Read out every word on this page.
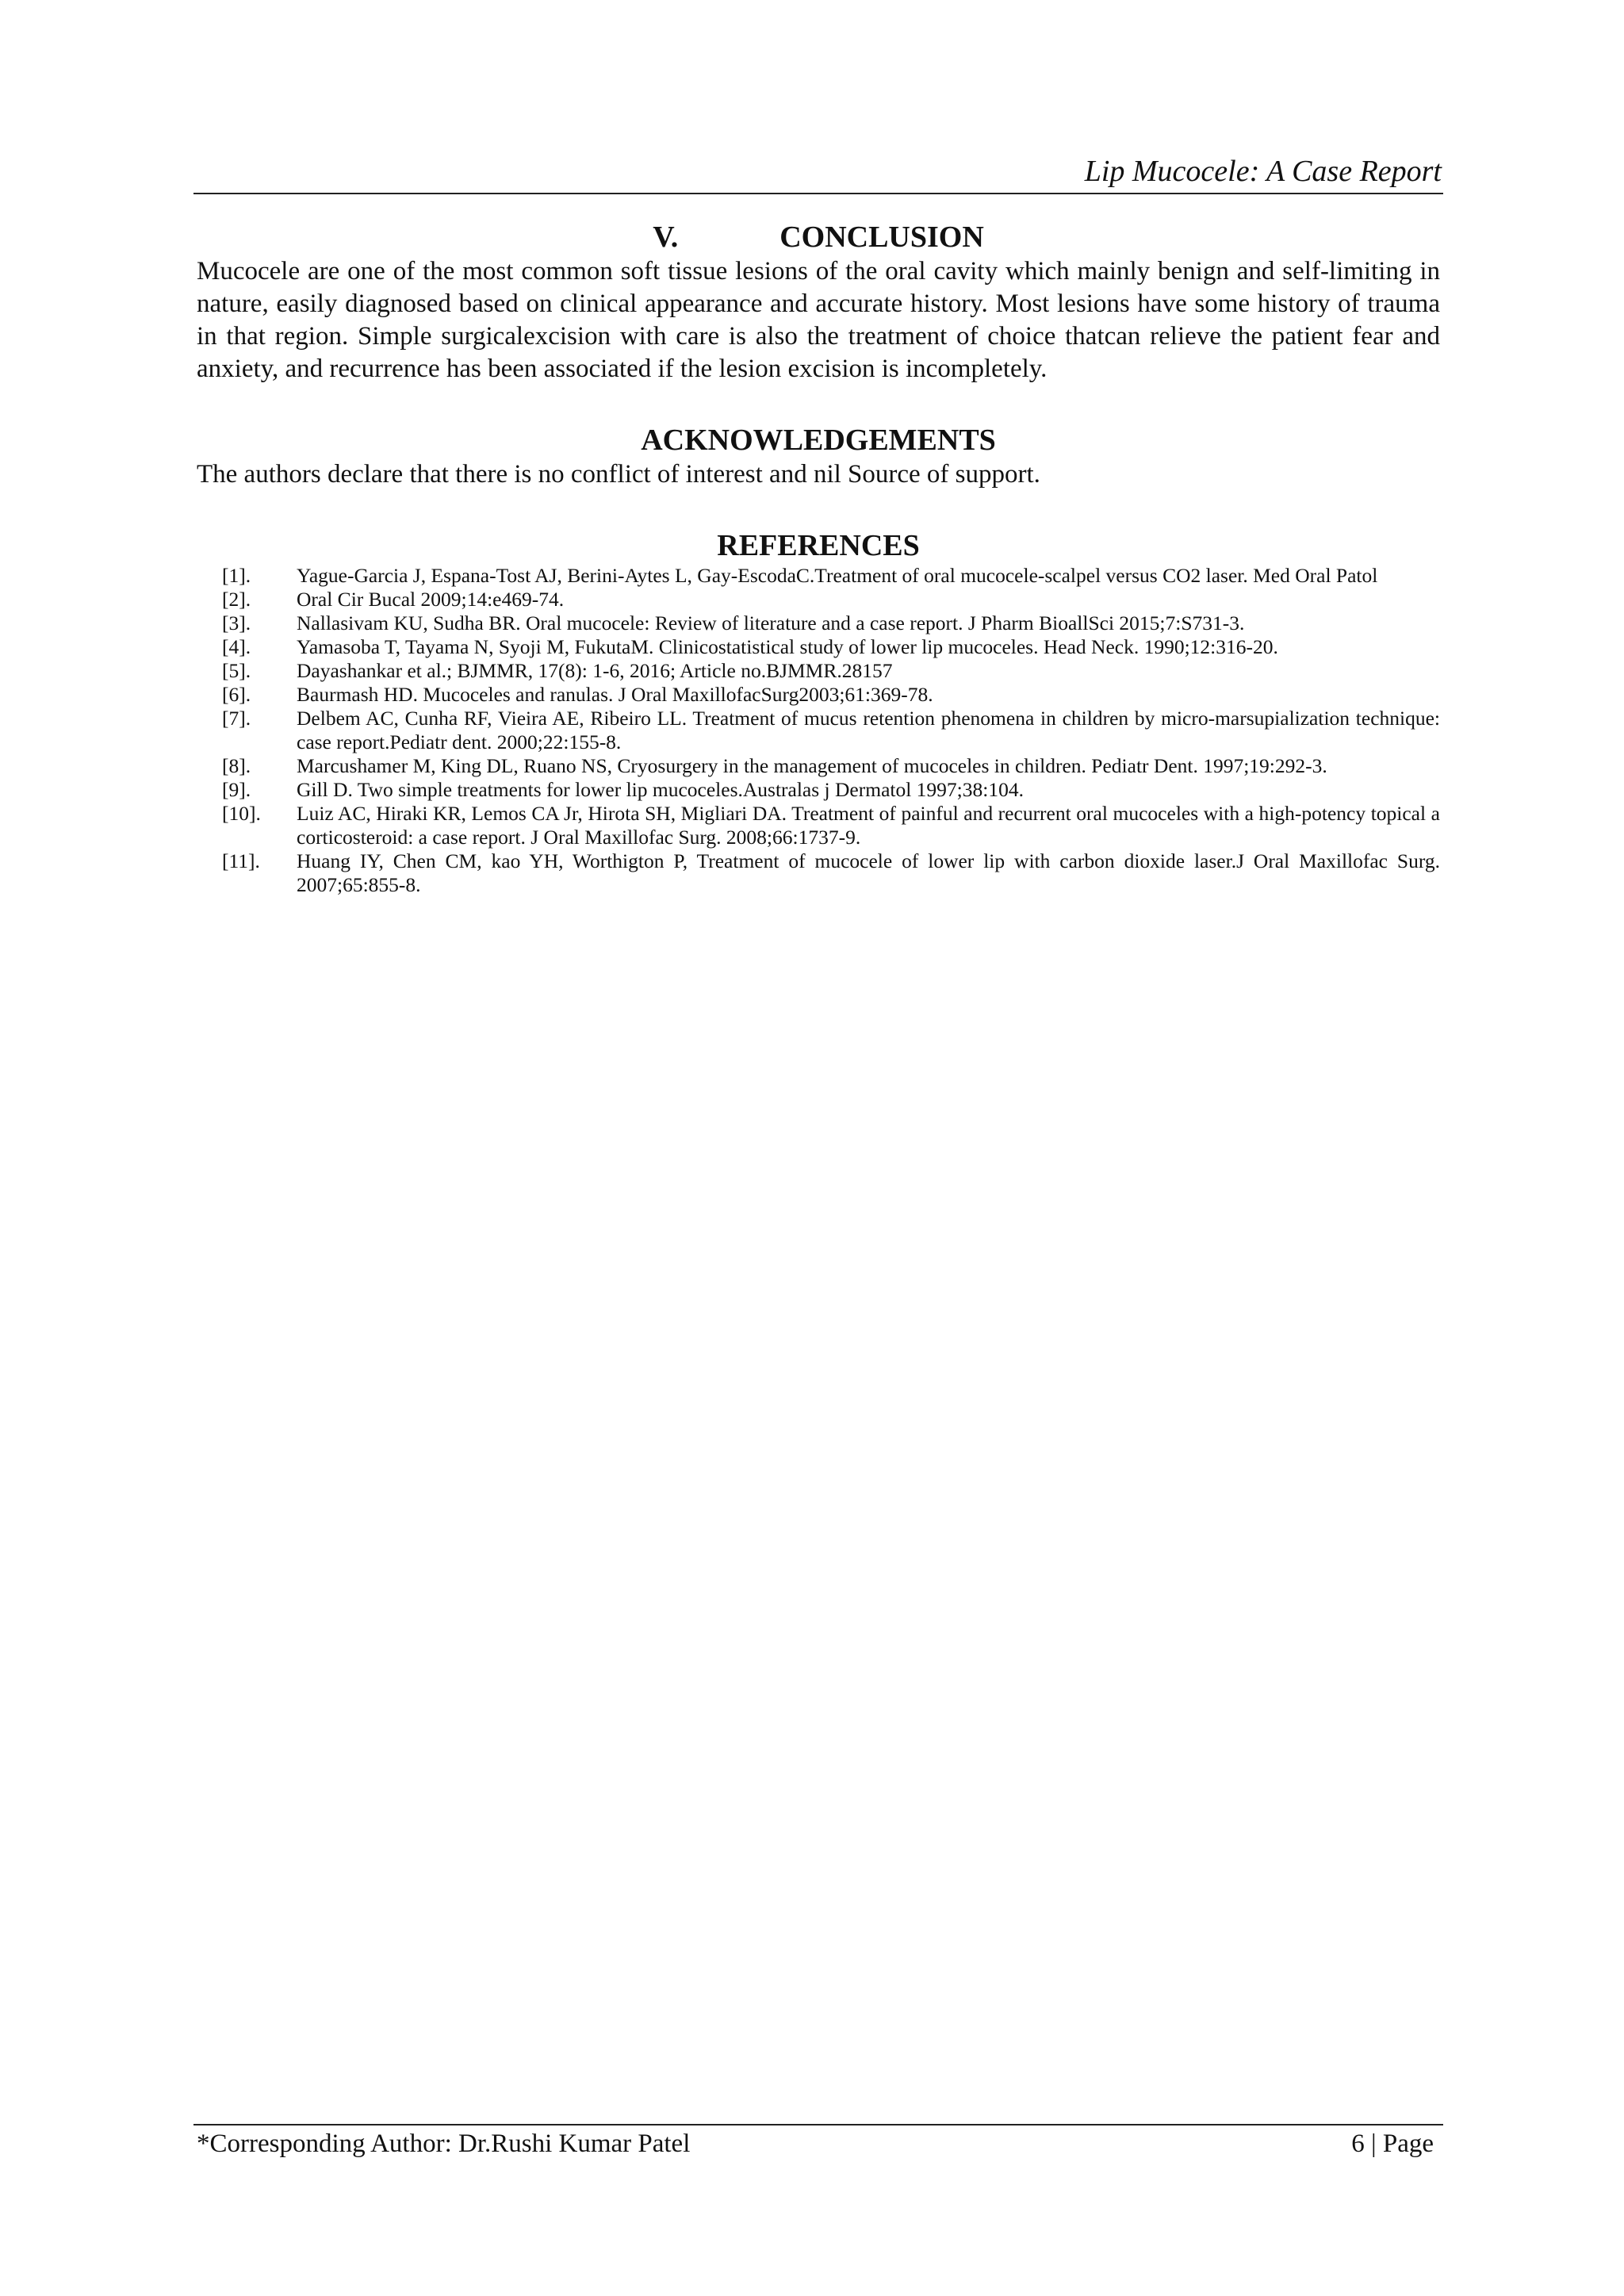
Lip Mucocele: A Case Report
V.	CONCLUSION

Mucocele are one of the most common soft tissue lesions of the oral cavity which mainly benign and self‑limiting in nature, easily diagnosed based on clinical appearance and accurate history. Most lesions have some history of trauma in that region. Simple surgicalexcision with care is also the treatment of choice thatcan relieve the patient fear and anxiety, and recurrence has been associated if the lesion excision is incompletely.

ACKNOWLEDGEMENTS

The authors declare that there is no conflict of interest and nil Source of support.

REFERENCES
[1]. Yague‑Garcia J, Espana‑Tost AJ, Berini‑Aytes L, Gay‑EscodaC.Treatment of oral mucocele‑scalpel versus CO2 laser. Med Oral Patol
[2]. Oral Cir Bucal 2009;14:e469‑74.
[3]. Nallasivam KU, Sudha BR. Oral mucocele: Review of literature and a case report. J Pharm BioallSci 2015;7:S731-3.
[4]. Yamasoba T, Tayama N, Syoji M, FukutaM. Clinicostatistical study of lower lip mucoceles. Head Neck. 1990;12:316-20.
[5]. Dayashankar et al.; BJMMR, 17(8): 1-6, 2016; Article no.BJMMR.28157
[6]. Baurmash HD. Mucoceles and ranulas. J Oral MaxillofacSurg2003;61:369‑78.
[7]. Delbem AC, Cunha RF, Vieira AE, Ribeiro LL. Treatment of mucus retention phenomena in children by micro-marsupialization technique: case report.Pediatr dent. 2000;22:155-8.
[8]. Marcushamer M, King DL, Ruano NS, Cryosurgery in the management of mucoceles in children. Pediatr Dent. 1997;19:292-3.
[9]. Gill D. Two simple treatments for lower lip mucoceles.Australas j Dermatol 1997;38:104.
[10]. Luiz AC, Hiraki KR, Lemos CA Jr, Hirota SH, Migliari DA. Treatment of painful and recurrent oral mucoceles with a high-potency topical a corticosteroid: a case report. J Oral Maxillofac Surg. 2008;66:1737-9.
[11]. Huang IY, Chen CM, kao YH, Worthigton P, Treatment of mucocele of lower lip with carbon dioxide laser.J Oral Maxillofac Surg. 2007;65:855-8.
*Corresponding Author: Dr.Rushi Kumar Patel	6 | Page
